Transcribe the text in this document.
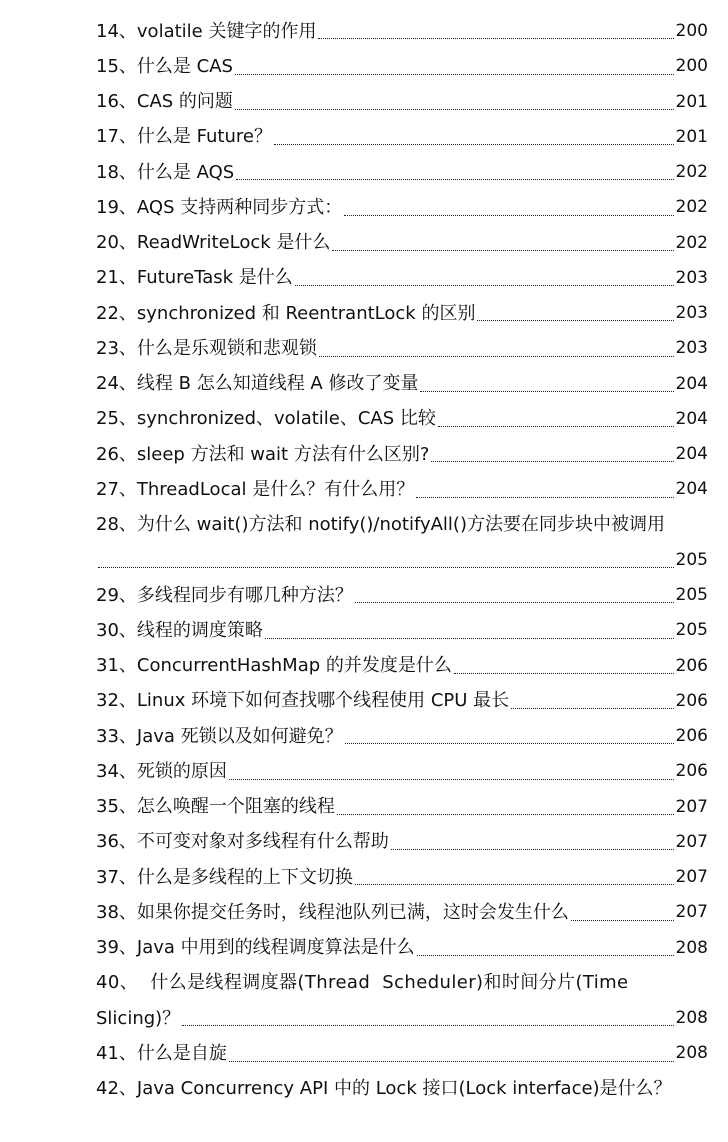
14、volatile 关键字的作用	200
15、什么是 CAS	200
16、CAS 的问题	201
17、什么是 Future？	201
18、什么是 AQS	202
19、AQS 支持两种同步方式：	202
20、ReadWriteLock 是什么	202
21、FutureTask 是什么	203
22、synchronized 和 ReentrantLock 的区别	203
23、什么是乐观锁和悲观锁	203
24、线程 B 怎么知道线程 A 修改了变量	204
25、synchronized、volatile、CAS 比较	204
26、sleep 方法和 wait 方法有什么区别?	204
27、ThreadLocal 是什么？有什么用？	204
28、为什么 wait()方法和 notify()/notifyAll()方法要在同步块中被调用
205
29、多线程同步有哪几种方法？	205
30、线程的调度策略	205
31、ConcurrentHashMap 的并发度是什么	206
32、Linux 环境下如何查找哪个线程使用 CPU 最长	206
33、Java 死锁以及如何避免？	206
34、死锁的原因	206
35、怎么唤醒一个阻塞的线程	207
36、不可变对象对多线程有什么帮助	207
37、什么是多线程的上下文切换	207
38、如果你提交任务时，线程池队列已满，这时会发生什么	207
39、Java 中用到的线程调度算法是什么	208
40、 什么是线程调度器(Thread Scheduler)和时间分片(Time
Slicing)？	208
41、什么是自旋	208
42、Java Concurrency API 中的 Lock 接口(Lock interface)是什么？
